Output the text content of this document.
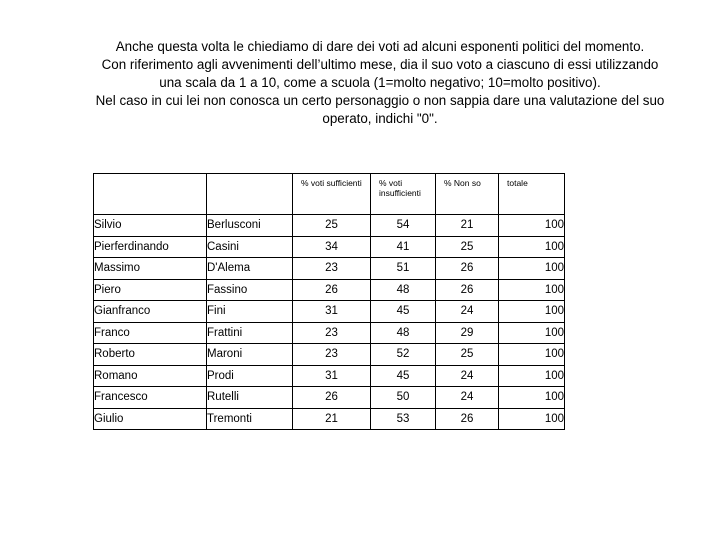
Anche questa volta le chiediamo di dare dei voti ad alcuni esponenti politici del momento.
Con riferimento agli avvenimenti dell’ultimo mese, dia il suo voto a ciascuno di essi utilizzando
una scala da 1 a 10, come a scuola (1=molto negativo; 10=molto positivo).
Nel caso in cui lei non conosca un certo personaggio o non sappia dare una valutazione del suo
operato, indichi "0".
		% voti sufficienti	% voti insufficienti	% Non so	totale
Silvio	Berlusconi	25	54	21	100
Pierferdinando	Casini	34	41	25	100
Massimo	D'Alema	23	51	26	100
Piero	Fassino	26	48	26	100
Gianfranco	Fini	31	45	24	100
Franco	Frattini	23	48	29	100
Roberto	Maroni	23	52	25	100
Romano	Prodi	31	45	24	100
Francesco	Rutelli	26	50	24	100
Giulio	Tremonti	21	53	26	100
